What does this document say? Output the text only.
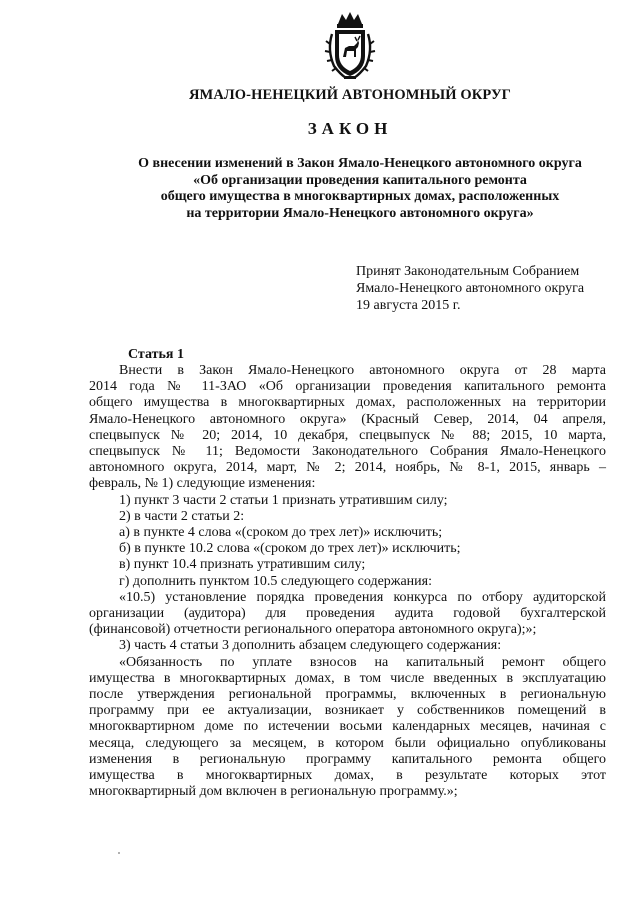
ЯМАЛО-НЕНЕЦКИЙ АВТОНОМНЫЙ ОКРУГ
ЗАКОН
О внесении изменений в Закон Ямало-Ненецкого автономного округа
«Об организации проведения капитального ремонта
общего имущества в многоквартирных домах, расположенных
на территории Ямало-Ненецкого автономного округа»
Принят Законодательным Собранием
Ямало-Ненецкого автономного округа
19 августа 2015 г.
Статья 1
Внести в Закон Ямало-Ненецкого автономного округа от 28 марта
2014 года № 11-ЗАО «Об организации проведения капитального ремонта
общего имущества в многоквартирных домах, расположенных на территории
Ямало-Ненецкого автономного округа» (Красный Север, 2014, 04 апреля,
спецвыпуск № 20; 2014, 10 декабря, спецвыпуск № 88; 2015, 10 марта,
спецвыпуск № 11; Ведомости Законодательного Собрания Ямало-Ненецкого
автономного округа, 2014, март, № 2; 2014, ноябрь, № 8-1, 2015, январь –
февраль, № 1) следующие изменения:
1) пункт 3 части 2 статьи 1 признать утратившим силу;
2) в части 2 статьи 2:
а) в пункте 4 слова «(сроком до трех лет)» исключить;
б) в пункте 10.2 слова «(сроком до трех лет)» исключить;
в) пункт 10.4 признать утратившим силу;
г) дополнить пунктом 10.5 следующего содержания:
«10.5) установление порядка проведения конкурса по отбору аудиторской
организации (аудитора) для проведения аудита годовой бухгалтерской
(финансовой) отчетности регионального оператора автономного округа);»;
3) часть 4 статьи 3 дополнить абзацем следующего содержания:
«Обязанность по уплате взносов на капитальный ремонт общего
имущества в многоквартирных домах, в том числе введенных в эксплуатацию
после утверждения региональной программы, включенных в региональную
программу при ее актуализации, возникает у собственников помещений в
многоквартирном доме по истечении восьми календарных месяцев, начиная с
месяца, следующего за месяцем, в котором были официально опубликованы
изменения в региональную программу капитального ремонта общего
имущества в многоквартирных домах, в результате которых этот
многоквартирный дом включен в региональную программу.»;
